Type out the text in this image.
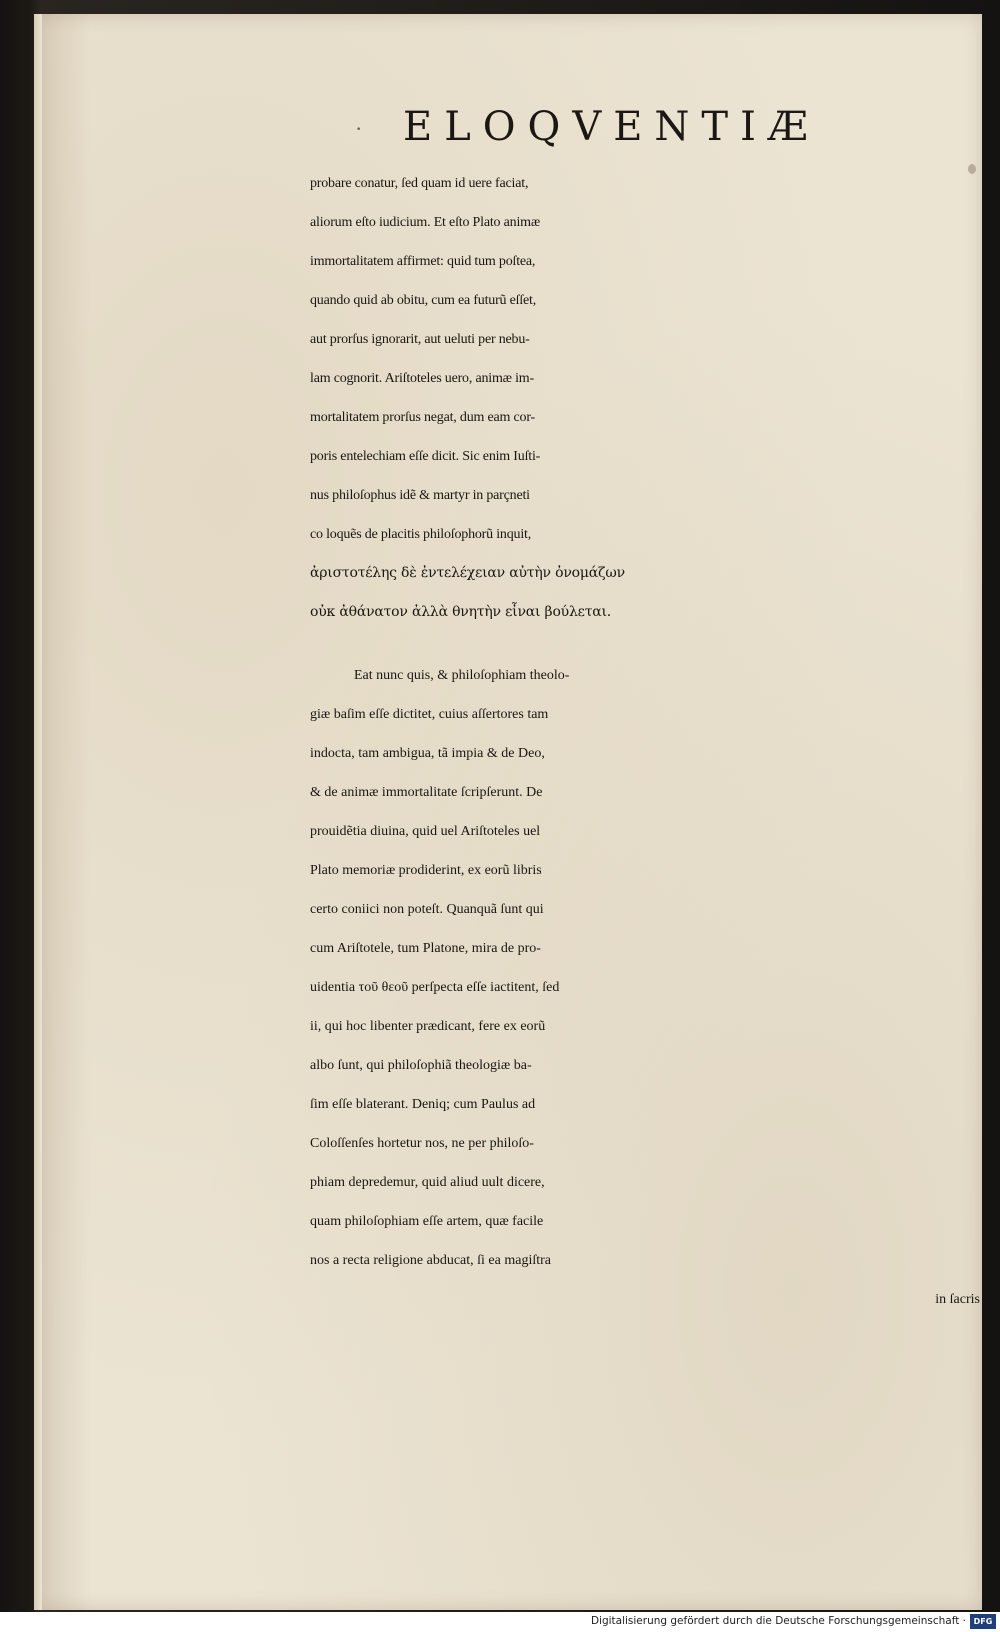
· ELOQVENTIÆ
probare conatur, ſed quam id uere faciat,
aliorum eſto iudicium. Et eſto Plato animæ
immortalitatem affirmet: quid tum poſtea,
quando quid ab obitu, cum ea futurũ eſſet,
aut prorſus ignorarit, aut ueluti per nebu-
lam cognorit. Ariſtoteles uero, animæ im-
mortalitatem prorſus negat, dum eam cor-
poris entelechiam eſſe dicit. Sic enim Iuſti-
nus philoſophus idẽ & martyr in parçneti
co loquẽs de placitis philoſophorũ inquit,
ἀριστοτέλης δὲ ἐντελέχειαν αὐτὴν ὀνομάζων
οὐκ ἀθάνατον ἀλλὰ θνητὴν εἶναι βούλεται.
Eat nunc quis, & philoſophiam theolo-
giæ baſim eſſe dictitet, cuius aſſertores tam
indocta, tam ambigua, tã impia & de Deo,
& de animæ immortalitate ſcripſerunt. De
prouidẽtia diuina, quid uel Ariſtoteles uel
Plato memoriæ prodiderint, ex eorũ libris
certo coniici non poteſt. Quanquã ſunt qui
cum Ariſtotele, tum Platone, mira de pro-
uidentia τοῦ θεοῦ perſpecta eſſe iactitent, ſed
ii, qui hoc libenter prædicant, fere ex eorũ
albo ſunt, qui philoſophiã theologiæ ba-
ſim eſſe blaterant. Deniq; cum Paulus ad
Coloſſenſes hortetur nos, ne per philoſo-
phiam depredemur, quid aliud uult dicere,
quam philoſophiam eſſe artem, quæ facile
nos a recta religione abducat, ſi ea magiſtra
in ſacris
Digitalisierung gefördert durch die Deutsche Forschungsgemeinschaft · DFG
